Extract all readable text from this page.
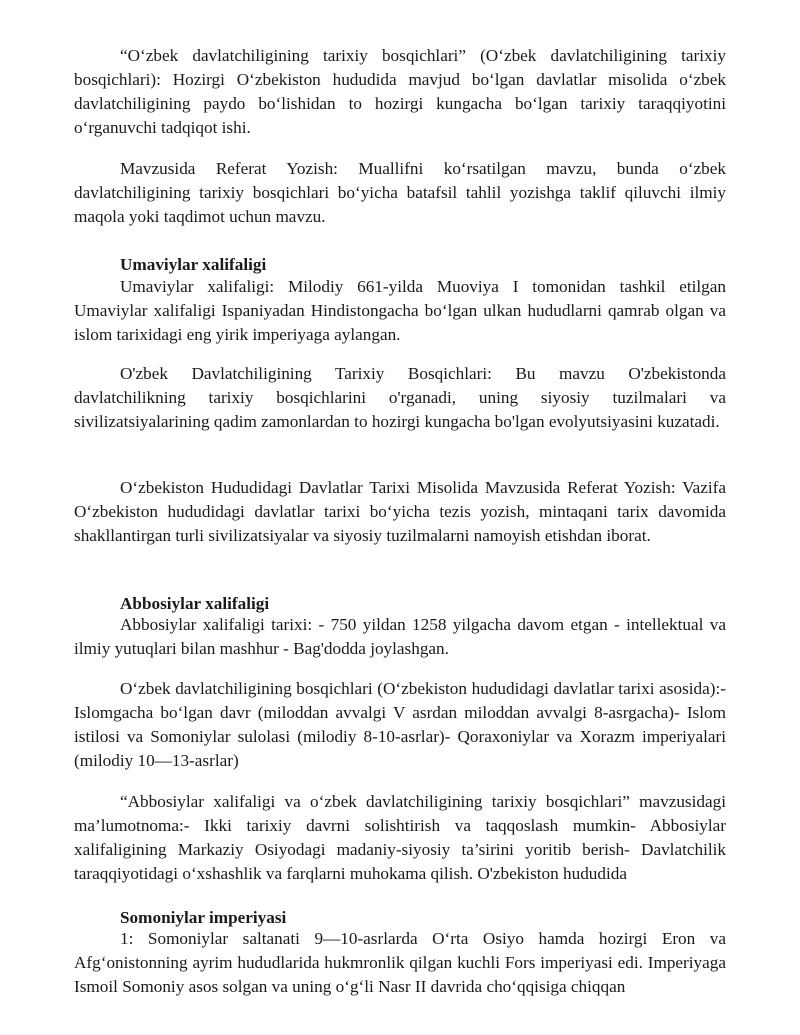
“O‘zbek davlatchiligining tarixiy bosqichlari” (O‘zbek davlatchiligining tarixiy bosqichlari): Hozirgi O‘zbekiston hududida mavjud bo‘lgan davlatlar misolida o‘zbek davlatchiligining paydo bo‘lishidan to hozirgi kungacha bo‘lgan tarixiy taraqqiyotini o‘rganuvchi tadqiqot ishi.

Mavzusida Referat Yozish: Muallifni ko‘rsatilgan mavzu, bunda o‘zbek davlatchiligining tarixiy bosqichlari bo‘yicha batafsil tahlil yozishga taklif qiluvchi ilmiy maqola yoki taqdimot uchun mavzu.

Umaviylar xalifaligi

Umaviylar xalifaligi: Milodiy 661-yilda Muoviya I tomonidan tashkil etilgan Umaviylar xalifaligi Ispaniyadan Hindistongacha bo‘lgan ulkan hududlarni qamrab olgan va islom tarixidagi eng yirik imperiyaga aylangan.

O'zbek Davlatchiligining Tarixiy Bosqichlari: Bu mavzu O'zbekistonda davlatchilikning tarixiy bosqichlarini o'rganadi, uning siyosiy tuzilmalari va sivilizatsiyalarining qadim zamonlardan to hozirgi kungacha bo'lgan evolyutsiyasini kuzatadi.

O‘zbekiston Hududidagi Davlatlar Tarixi Misolida Mavzusida Referat Yozish: Vazifa O‘zbekiston hududidagi davlatlar tarixi bo‘yicha tezis yozish, mintaqani tarix davomida shakllantirgan turli sivilizatsiyalar va siyosiy tuzilmalarni namoyish etishdan iborat.

Abbosiylar xalifaligi

Abbosiylar xalifaligi tarixi: - 750 yildan 1258 yilgacha davom etgan - intellektual va ilmiy yutuqlari bilan mashhur - Bag'dodda joylashgan.

O‘zbek davlatchiligining bosqichlari (O‘zbekiston hududidagi davlatlar tarixi asosida):- Islomgacha bo‘lgan davr (miloddan avvalgi V asrdan miloddan avvalgi 8-asrgacha)- Islom istilosi va Somoniylar sulolasi (milodiy 8-10-asrlar)- Qoraxoniylar va Xorazm imperiyalari (milodiy 10—13-asrlar)

“Abbosiylar xalifaligi va o‘zbek davlatchiligining tarixiy bosqichlari” mavzusidagi ma’lumotnoma:- Ikki tarixiy davrni solishtirish va taqqoslash mumkin- Abbosiylar xalifaligining Markaziy Osiyodagi madaniy-siyosiy ta’sirini yoritib berish- Davlatchilik taraqqiyotidagi o‘xshashlik va farqlarni muhokama qilish. O'zbekiston hududida

Somoniylar imperiyasi

1: Somoniylar saltanati 9—10-asrlarda O‘rta Osiyo hamda hozirgi Eron va Afg‘onistonning ayrim hududlarida hukmronlik qilgan kuchli Fors imperiyasi edi. Imperiyaga Ismoil Somoniy asos solgan va uning o‘g‘li Nasr II davrida cho‘qqisiga chiqqan
